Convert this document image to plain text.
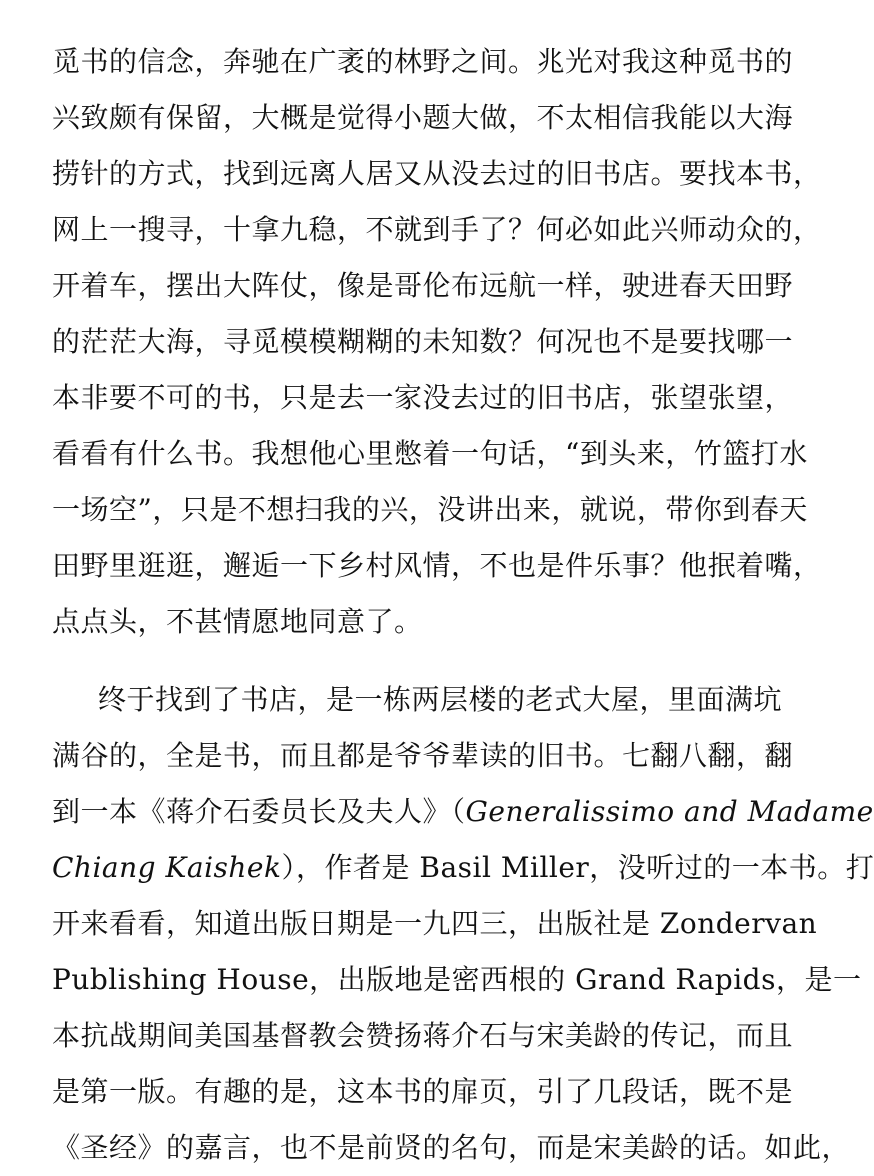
觅书的信念，奔驰在广袤的林野之间。兆光对我这种觅书的
兴致颇有保留，大概是觉得小题大做，不太相信我能以大海
捞针的方式，找到远离人居又从没去过的旧书店。要找本书，
网上一搜寻，十拿九稳，不就到手了？何必如此兴师动众的，
开着车，摆出大阵仗，像是哥伦布远航一样，驶进春天田野
的茫茫大海，寻觅模模糊糊的未知数？何况也不是要找哪一
本非要不可的书，只是去一家没去过的旧书店，张望张望，
看看有什么书。我想他心里憋着一句话，“到头来，竹篮打水
一场空”，只是不想扫我的兴，没讲出来，就说，带你到春天
田野里逛逛，邂逅一下乡村风情，不也是件乐事？他抿着嘴，
点点头，不甚情愿地同意了。
终于找到了书店，是一栋两层楼的老式大屋，里面满坑
满谷的，全是书，而且都是爷爷辈读的旧书。七翻八翻，翻
到一本《蒋介石委员长及夫人》（Generalissimo and Madame
Chiang Kaishek），作者是 Basil Miller，没听过的一本书。打
开来看看，知道出版日期是一九四三，出版社是 Zondervan
Publishing House，出版地是密西根的 Grand Rapids，是一
本抗战期间美国基督教会赞扬蒋介石与宋美龄的传记，而且
是第一版。有趣的是，这本书的扉页，引了几段话，既不是
《圣经》的嘉言，也不是前贤的名句，而是宋美龄的话。如此，
